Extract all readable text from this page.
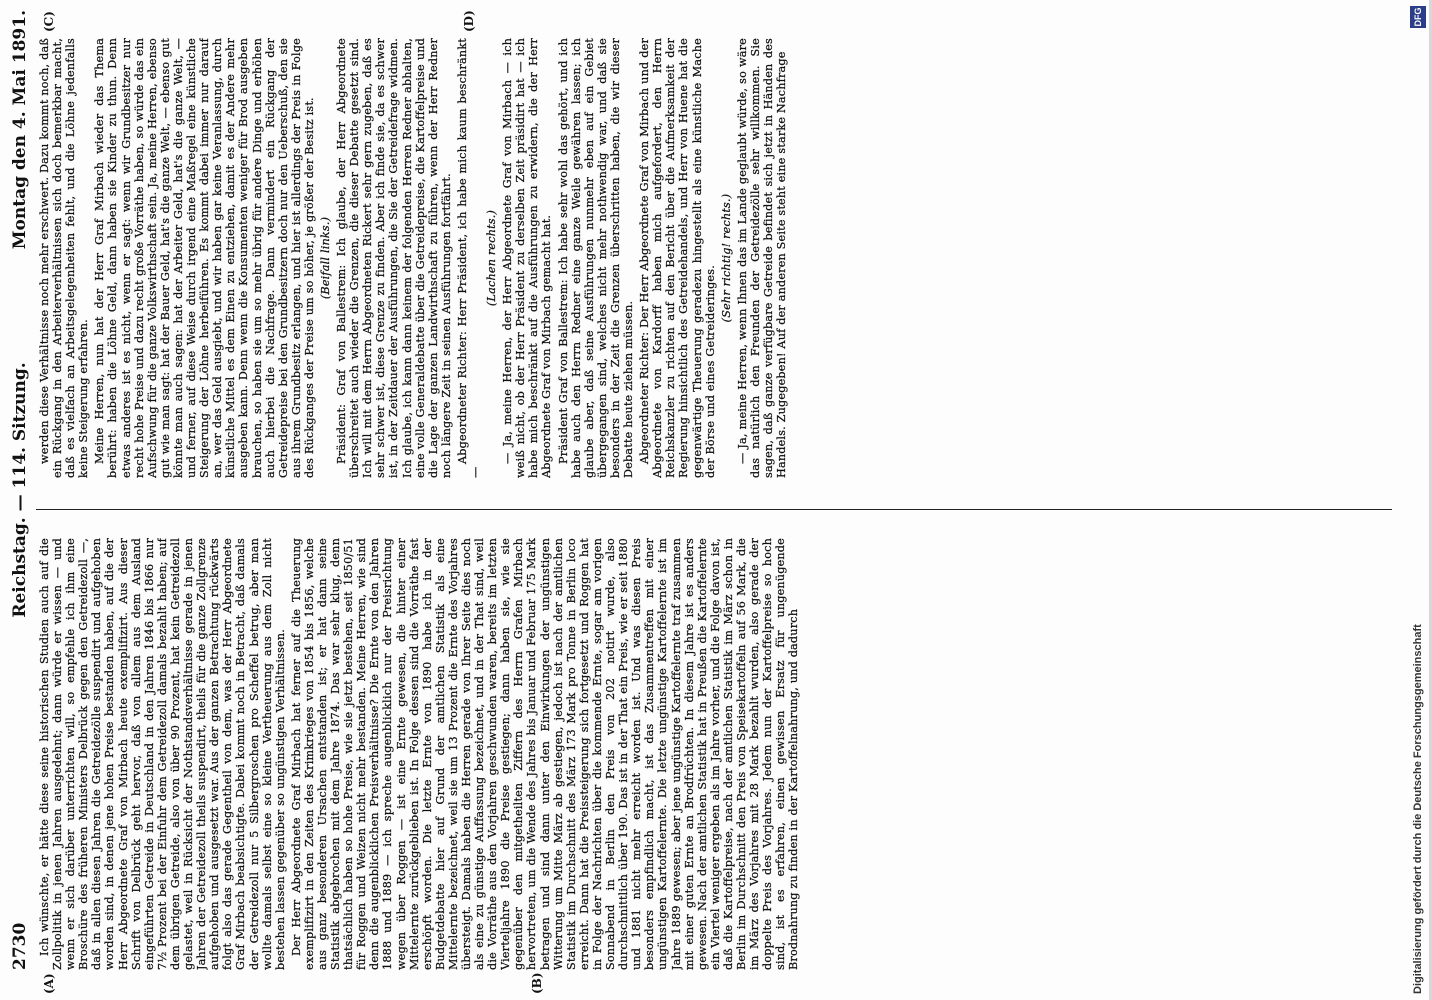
2730
Reichstag. — 114. Sitzung.
Montag den 4. Mai 1891.
(A)	(B)
(C)	(D)

Ich wünschte, er hätte diese seine historischen Studien auch auf die Zollpolitik in jenen Jahren ausgedehnt; dann würde er wissen — und wenn er sich darüber unterrichten will, so empfehle ich ihm eine Broschüre des früheren Ministers Delbrück gegen den Getreidezoll —, daß in allen diesen Jahren die Getreidezölle suspendirt und aufgehoben worden sind, in denen jene hohen Preise bestanden haben, auf die der Herr Abgeordnete Graf von Mirbach heute exemplifizirt. Aus dieser Schrift von Delbrück geht hervor, daß von allem aus dem Ausland eingeführten Getreide in Deutschland in den Jahren 1846 bis 1866 nur 7½ Prozent bei der Einfuhr dem Getreidezoll damals bezahlt haben; auf dem übrigen Getreide, also von über 90 Prozent, hat kein Getreidezoll gelastet, weil in Rücksicht der Nothstandsverhältnisse gerade in jenen Jahren der Getreidezoll theils suspendirt, theils für die ganze Zollgrenze aufgehoben und ausgesetzt war. Aus der ganzen Betrachtung rückwärts folgt also das gerade Gegentheil von dem, was der Herr Abgeordnete Graf Mirbach beabsichtigte. Dabei kommt noch in Betracht, daß damals der Getreidezoll nur 5 Silbergroschen pro Scheffel betrug, aber man wollte damals selbst eine so kleine Vertheuerung aus dem Zoll nicht bestehen lassen gegenüber so ungünstigen Verhältnissen. Der Herr Abgeordnete Graf Mirbach hat ferner auf die Theuerung exemplifizirt in den Zeiten des Krimkrieges von 1854 bis 1856, welche aus ganz besonderen Ursachen entstanden ist; er hat dann seine Statistik abgebrochen mit dem Jahre 1874. Das war sehr klug, denn thatsächlich haben so hohe Preise, wie sie jetzt bestehen, seit 1850/51 für Roggen und Weizen nicht mehr bestanden. Meine Herren, wie sind denn die augenblicklichen Preisverhältnisse? Die Ernte von den Jahren 1888 und 1889 — ich spreche augenblicklich nur der Preisrichtung wegen über Roggen — ist eine Ernte gewesen, die hinter einer Mittelernte zurückgeblieben ist. In Folge dessen sind die Vorräthe fast erschöpft worden. Die letzte Ernte von 1890 habe ich in der Budgetdebatte hier auf Grund der amtlichen Statistik als eine Mittelernte bezeichnet, weil sie um 13 Prozent die Ernte des Vorjahres übersteigt. Damals haben die Herren gerade von Ihrer Seite dies noch als eine zu günstige Auffassung bezeichnet, und in der That sind, weil die Vorräthe aus den Vorjahren geschwunden waren, bereits im letzten Vierteljahre 1890 die Preise gestiegen; dann haben sie, wie sie gegenüber den mitgetheilten Ziffern des Herrn Grafen Mirbach hervortreten, um die Wende des Jahres bis Januar und Februar 175 Mark betragen und sind dann unter den Einwirkungen der ungünstigen Witterung um Mitte März ab gestiegen, jedoch ist nach der amtlichen Statistik im Durchschnitt des März 173 Mark pro Tonne in Berlin loco erreicht. Dann hat die Preissteigerung sich fortgesetzt und Roggen hat in Folge der Nachrichten über die kommende Ernte, sogar am vorigen Sonnabend in Berlin den Preis von 202 notirt wurde, also durchschnittlich über 190. Das ist in der That ein Preis, wie er seit 1880 und 1881 nicht mehr erreicht worden ist. Und was diesen Preis besonders empfindlich macht, ist das Zusammentreffen mit einer ungünstigen Kartoffelernte. Die letzte ungünstige Kartoffelernte ist im Jahre 1889 gewesen; aber jene ungünstige Kartoffelernte traf zusammen mit einer guten Ernte an Brodfrüchten. In diesem Jahre ist es anders gewesen. Nach der amtlichen Statistik hat in Preußen die Kartoffelernte ein Viertel weniger ergeben als im Jahre vorher, und die Folge davon ist, daß die Kartoffelpreise, nach der amtlichen Statistik im März schon in Berlin im Durchschnitt den Preis von Speisekartoffeln auf 56 Mark, die im März des Vorjahres mit 28 Mark bezahlt wurden, also gerade der doppelte Preis des Vorjahres. Jedem nun der Kartoffelpreise so hoch sind, ist es erfahren, einen gewissen Ersatz für ungenügende Brodnahrung zu finden in der Kartoffelnahrung, und dadurch

werden diese Verhältnisse noch mehr erschwert. Dazu kommt noch, daß ein Rückgang in den Arbeiterverhältnissen sich doch bemerkbar macht, daß es vielfach an Arbeitsgelegenheiten fehlt, und die Löhne jedenfalls keine Steigerung erfahren. Meine Herren, nun hat der Herr Graf Mirbach wieder das Thema berührt: haben die Löhne Geld, dann haben sie Kinder zu thun. Denn etwas anderes ist es nicht, wenn er sagt: wenn wir Grundbesitzer nur recht hohe Preise und dazu recht große Vorräthe haben, so würde das ein Aufschwung für die ganze Volkswirthschaft sein. Ja, meine Herren, ebenso gut wie man sagt: hat der Bauer Geld, hat's die ganze Welt, — ebenso gut könnte man auch sagen: hat der Arbeiter Geld, hat's die ganze Welt, — und ferner, auf diese Weise durch irgend eine Maßregel eine künstliche Steigerung der Löhne herbeiführen. Es kommt dabei immer nur darauf an, wer das Geld ausgiebt, und wir haben gar keine Veranlassung, durch künstliche Mittel es dem Einen zu entziehen, damit es der Andere mehr ausgeben kann. Denn wenn die Konsumenten weniger für Brod ausgeben brauchen, so haben sie um so mehr übrig für andere Dinge und erhöhen auch hierbei die Nachfrage. Dann vermindert ein Rückgang der Getreidepreise bei den Grundbesitzern doch nur den Ueberschuß, den sie aus ihrem Grundbesitz erlangen, und hier ist allerdings der Preis in Folge des Rückganges der Preise um so höher, je größer der Besitz ist. (Beifall links.) Präsident: Graf von Ballestrem: Ich glaube, der Herr Abgeordnete überschreitet auch wieder die Grenzen, die dieser Debatte gesetzt sind. Ich will mit dem Herrn Abgeordneten Rickert sehr gern zugeben, daß es sehr schwer ist, diese Grenze zu finden. Aber ich finde sie, da es schwer ist, in der Zeitdauer der Ausführungen, die Sie der Getreidefrage widmen. Ich glaube, ich kann dann keinem der folgenden Herren Redner abhalten, eine volle Generaldebatte über die Getreidepreise, die Kartoffelpreise und die Lage der ganzen Landwirthschaft zu führen, wenn der Herr Redner noch längere Zeit in seinen Ausführungen fortfährt. Abgeordneter Richter: Herr Präsident, ich habe mich kaum beschränkt —

(Lachen rechts.) — Ja, meine Herren, der Herr Abgeordnete Graf von Mirbach — ich weiß nicht, ob der Herr Präsident zu derselben Zeit präsidirt hat — ich habe mich beschränkt auf die Ausführungen zu erwidern, die der Herr Abgeordnete Graf von Mirbach gemacht hat. Präsident Graf von Ballestrem: Ich habe sehr wohl das gehört, und ich habe auch den Herrn Redner eine ganze Weile gewähren lassen; ich glaube aber, daß seine Ausführungen nunmehr eben auf ein Gebiet übergegangen sind, welches nicht mehr nothwendig war, und daß sie besonders in der Zeit die Grenzen überschritten haben, die wir dieser Debatte heute ziehen müssen. Abgeordneter Richter: Der Herr Abgeordnete Graf von Mirbach und der Abgeordnete von Kardorff haben mich aufgefordert, den Herrn Reichskanzler zu richten auf den Bericht über die Aufmerksamkeit der Regierung hinsichtlich des Getreidehandels, und Herr von Huene hat die gegenwärtige Theuerung geradezu hingestellt als eine künstliche Mache der Börse und eines Getreideringes.

(Sehr richtig! rechts.) — Ja, meine Herren, wenn Ihnen das im Lande geglaubt würde, so wäre das natürlich den Freunden der Getreidezölle sehr willkommen. Sie sagen, daß ganze verfügbare Getreide befindet sich jetzt in Händen des Handels. Zugegeben! Auf der anderen Seite steht eine starke Nachfrage

Digitalisierung gefördert durch die Deutsche Forschungsgemeinschaft
DFG
